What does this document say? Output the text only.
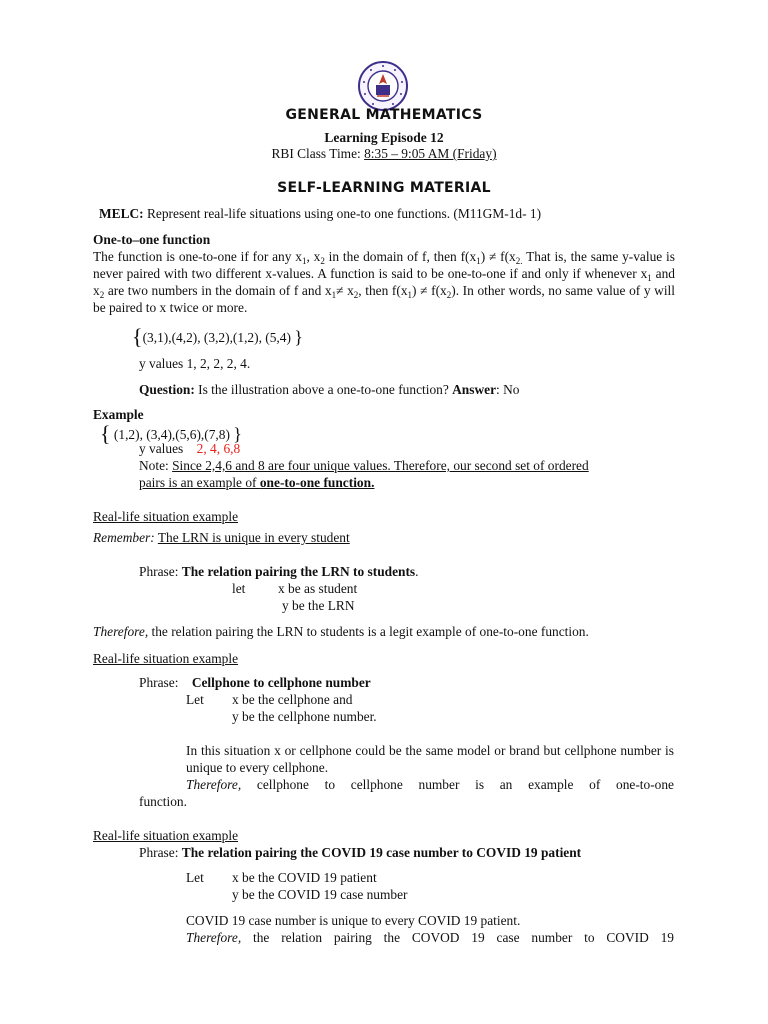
GENERAL MATHEMATICS
Learning Episode 12
RBI Class Time: 8:35 – 9:05 AM (Friday)
SELF-LEARNING MATERIAL
MELC: Represent real-life situations using one-to one functions. (M11GM-1d- 1)
One-to–one function
The function is one-to-one if for any $x_1$, $x_2$ in the domain of f, then $f(x_1) \ne f(x_{2.}$ That is, the same y-value is never paired with two different x-values. A function is said to be one-to-one if and only if whenever $x_1$ and $x_2$ are two numbers in the domain of f and $x_1\ne x_2$, then $f(x_1) \ne f(x_2)$. In other words, no same value of y will be paired to x twice or more.
{(3,1),(4,2), (3,2),(1,2), (5,4) }
y values 1, 2, 2, 2, 4.
Question: Is the illustration above a one-to-one function? Answer: No
Example
{ (1,2), (3,4),(5,6),(7,8) }
y values    2, 4, 6,8
Note: Since 2,4,6 and 8 are four unique values. Therefore, our second set of ordered
pairs is an example of one-to-one function.
Real-life situation example
Remember: The LRN is unique in every student
Phrase: The relation pairing the LRN to students.
let x be as student
y be the LRN
Therefore, the relation pairing the LRN to students is a legit example of one-to-one function.
Real-life situation example
Phrase: Cellphone to cellphone number
Let x be the cellphone and
y be the cellphone number.
In this situation x or cellphone could be the same model or brand but cellphone number is unique to every cellphone.
Therefore, cellphone to cellphone number is an example of one-to-one
function.
Real-life situation example
Phrase: The relation pairing the COVID 19 case number to COVID 19 patient
Let x be the COVID 19 patient
y be the COVID 19 case number
COVID 19 case number is unique to every COVID 19 patient.
Therefore, the relation pairing the COVOD 19 case number to COVID 19
